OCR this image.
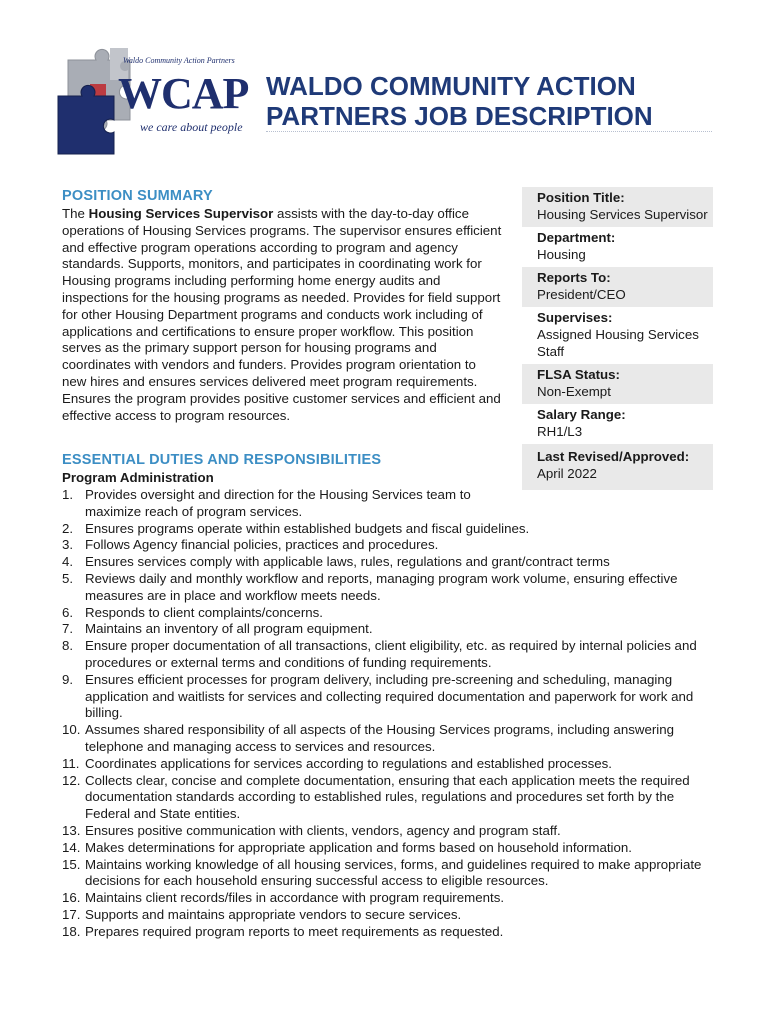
Waldo Community Action Partners
WCAP
we care about people
WALDO COMMUNITY ACTION
PARTNERS JOB DESCRIPTION
POSITION SUMMARY

The Housing Services Supervisor assists with the day-to-day office operations of Housing Services programs. The supervisor ensures efficient and effective program operations according to program and agency standards. Supports, monitors, and participates in coordinating work for Housing programs including performing home energy audits and inspections for the housing programs as needed. Provides for field support for other Housing Department programs and conducts work including of applications and certifications to ensure proper workflow. This position serves as the primary support person for housing programs and coordinates with vendors and funders. Provides program orientation to new hires and ensures services delivered meet program requirements. Ensures the program provides positive customer services and efficient and effective access to program resources.

Position Title:
Housing Services Supervisor
Department:
Housing
Reports To:
President/CEO
Supervises:
Assigned Housing Services Staff
FLSA Status:
Non-Exempt
Salary Range:
RH1/L3
Last Revised/Approved:
April 2022
ESSENTIAL DUTIES AND RESPONSIBILITIES
Program Administration
1. Provides oversight and direction for the Housing Services team to maximize reach of program services.
2. Ensures programs operate within established budgets and fiscal guidelines.
3. Follows Agency financial policies, practices and procedures.
4. Ensures services comply with applicable laws, rules, regulations and grant/contract terms
5. Reviews daily and monthly workflow and reports, managing program work volume, ensuring effective measures are in place and workflow meets needs.
6. Responds to client complaints/concerns.
7. Maintains an inventory of all program equipment.
8. Ensure proper documentation of all transactions, client eligibility, etc. as required by internal policies and procedures or external terms and conditions of funding requirements.
9. Ensures efficient processes for program delivery, including pre-screening and scheduling, managing application and waitlists for services and collecting required documentation and paperwork for work and billing.
10. Assumes shared responsibility of all aspects of the Housing Services programs, including answering telephone and managing access to services and resources.
11. Coordinates applications for services according to regulations and established processes.
12. Collects clear, concise and complete documentation, ensuring that each application meets the required documentation standards according to established rules, regulations and procedures set forth by the Federal and State entities.
13. Ensures positive communication with clients, vendors, agency and program staff.
14. Makes determinations for appropriate application and forms based on household information.
15. Maintains working knowledge of all housing services, forms, and guidelines required to make appropriate decisions for each household ensuring successful access to eligible resources.
16. Maintains client records/files in accordance with program requirements.
17. Supports and maintains appropriate vendors to secure services.
18. Prepares required program reports to meet requirements as requested.
